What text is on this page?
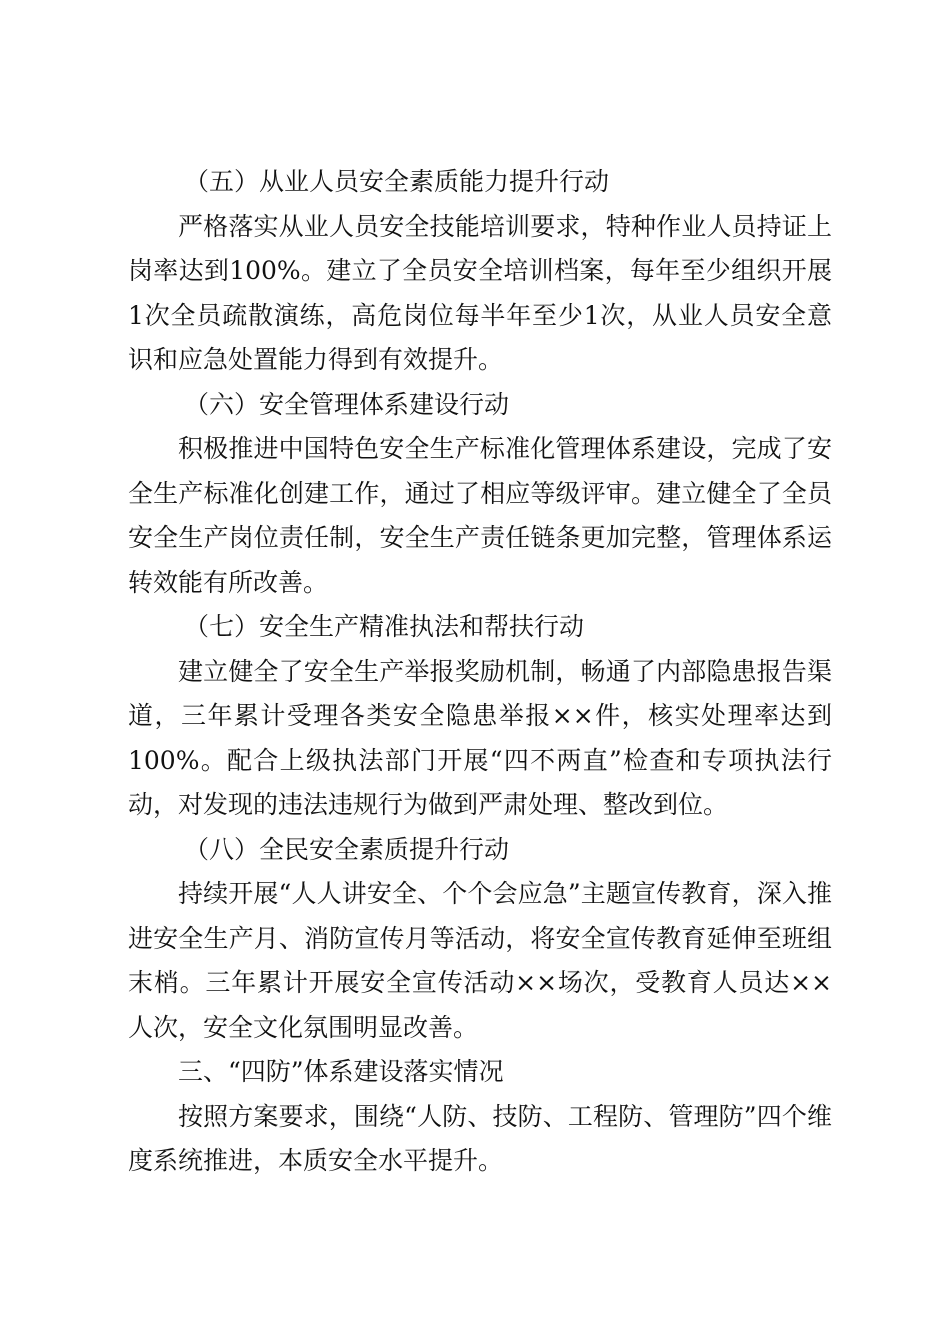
（五）从业人员安全素质能力提升行动

严格落实从业人员安全技能培训要求，特种作业人员持证上岗率达到100%。建立了全员安全培训档案，每年至少组织开展1次全员疏散演练，高危岗位每半年至少1次，从业人员安全意识和应急处置能力得到有效提升。

（六）安全管理体系建设行动

积极推进中国特色安全生产标准化管理体系建设，完成了安全生产标准化创建工作，通过了相应等级评审。建立健全了全员安全生产岗位责任制，安全生产责任链条更加完整，管理体系运转效能有所改善。

（七）安全生产精准执法和帮扶行动

建立健全了安全生产举报奖励机制，畅通了内部隐患报告渠道，三年累计受理各类安全隐患举报××件，核实处理率达到100%。配合上级执法部门开展“四不两直”检查和专项执法行动，对发现的违法违规行为做到严肃处理、整改到位。

（八）全民安全素质提升行动

持续开展“人人讲安全、个个会应急”主题宣传教育，深入推进安全生产月、消防宣传月等活动，将安全宣传教育延伸至班组末梢。三年累计开展安全宣传活动××场次，受教育人员达××人次，安全文化氛围明显改善。

三、“四防”体系建设落实情况

按照方案要求，围绕“人防、技防、工程防、管理防”四个维度系统推进，本质安全水平提升。
